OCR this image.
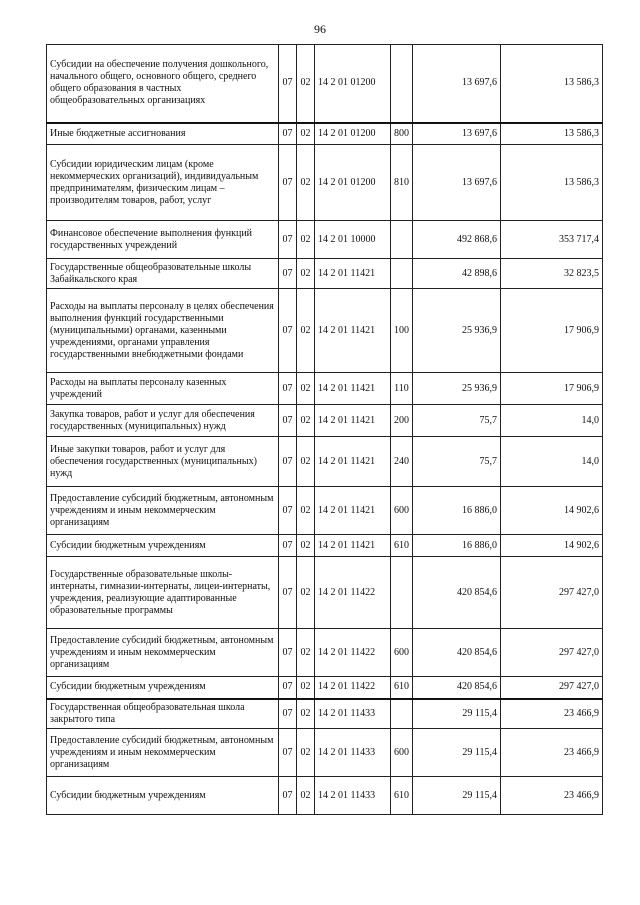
96
Субсидии на обеспечение получения дошкольного, начального общего, основного общего, среднего общего образования в частных общеобразовательных организациях	07	02	14 2 01 01200		13 697,6	13 586,3
Иные бюджетные ассигнования	07	02	14 2 01 01200	800	13 697,6	13 586,3
Субсидии юридическим лицам (кроме некоммерческих организаций), индивидуальным предпринимателям, физическим лицам – производителям товаров, работ, услуг	07	02	14 2 01 01200	810	13 697,6	13 586,3
Финансовое обеспечение выполнения функций государственных учреждений	07	02	14 2 01 10000		492 868,6	353 717,4
Государственные общеобразовательные школы Забайкальского края	07	02	14 2 01 11421		42 898,6	32 823,5
Расходы на выплаты персоналу в целях обеспечения выполнения функций государственными (муниципальными) органами, казенными учреждениями, органами управления государственными внебюджетными фондами	07	02	14 2 01 11421	100	25 936,9	17 906,9
Расходы на выплаты персоналу казенных учреждений	07	02	14 2 01 11421	110	25 936,9	17 906,9
Закупка товаров, работ и услуг для обеспечения государственных (муниципальных) нужд	07	02	14 2 01 11421	200	75,7	14,0
Иные закупки товаров, работ и услуг для обеспечения государственных (муниципальных) нужд	07	02	14 2 01 11421	240	75,7	14,0
Предоставление субсидий бюджетным, автономным учреждениям и иным некоммерческим организациям	07	02	14 2 01 11421	600	16 886,0	14 902,6
Субсидии бюджетным учреждениям	07	02	14 2 01 11421	610	16 886,0	14 902,6
Государственные образовательные школы-интернаты, гимназии-интернаты, лицеи-интернаты, учреждения, реализующие адаптированные образовательные программы	07	02	14 2 01 11422		420 854,6	297 427,0
Предоставление субсидий бюджетным, автономным учреждениям и иным некоммерческим организациям	07	02	14 2 01 11422	600	420 854,6	297 427,0
Субсидии бюджетным учреждениям	07	02	14 2 01 11422	610	420 854,6	297 427,0
Государственная общеобразовательная школа закрытого типа	07	02	14 2 01 11433		29 115,4	23 466,9
Предоставление субсидий бюджетным, автономным учреждениям и иным некоммерческим организациям	07	02	14 2 01 11433	600	29 115,4	23 466,9
Субсидии бюджетным учреждениям	07	02	14 2 01 11433	610	29 115,4	23 466,9
